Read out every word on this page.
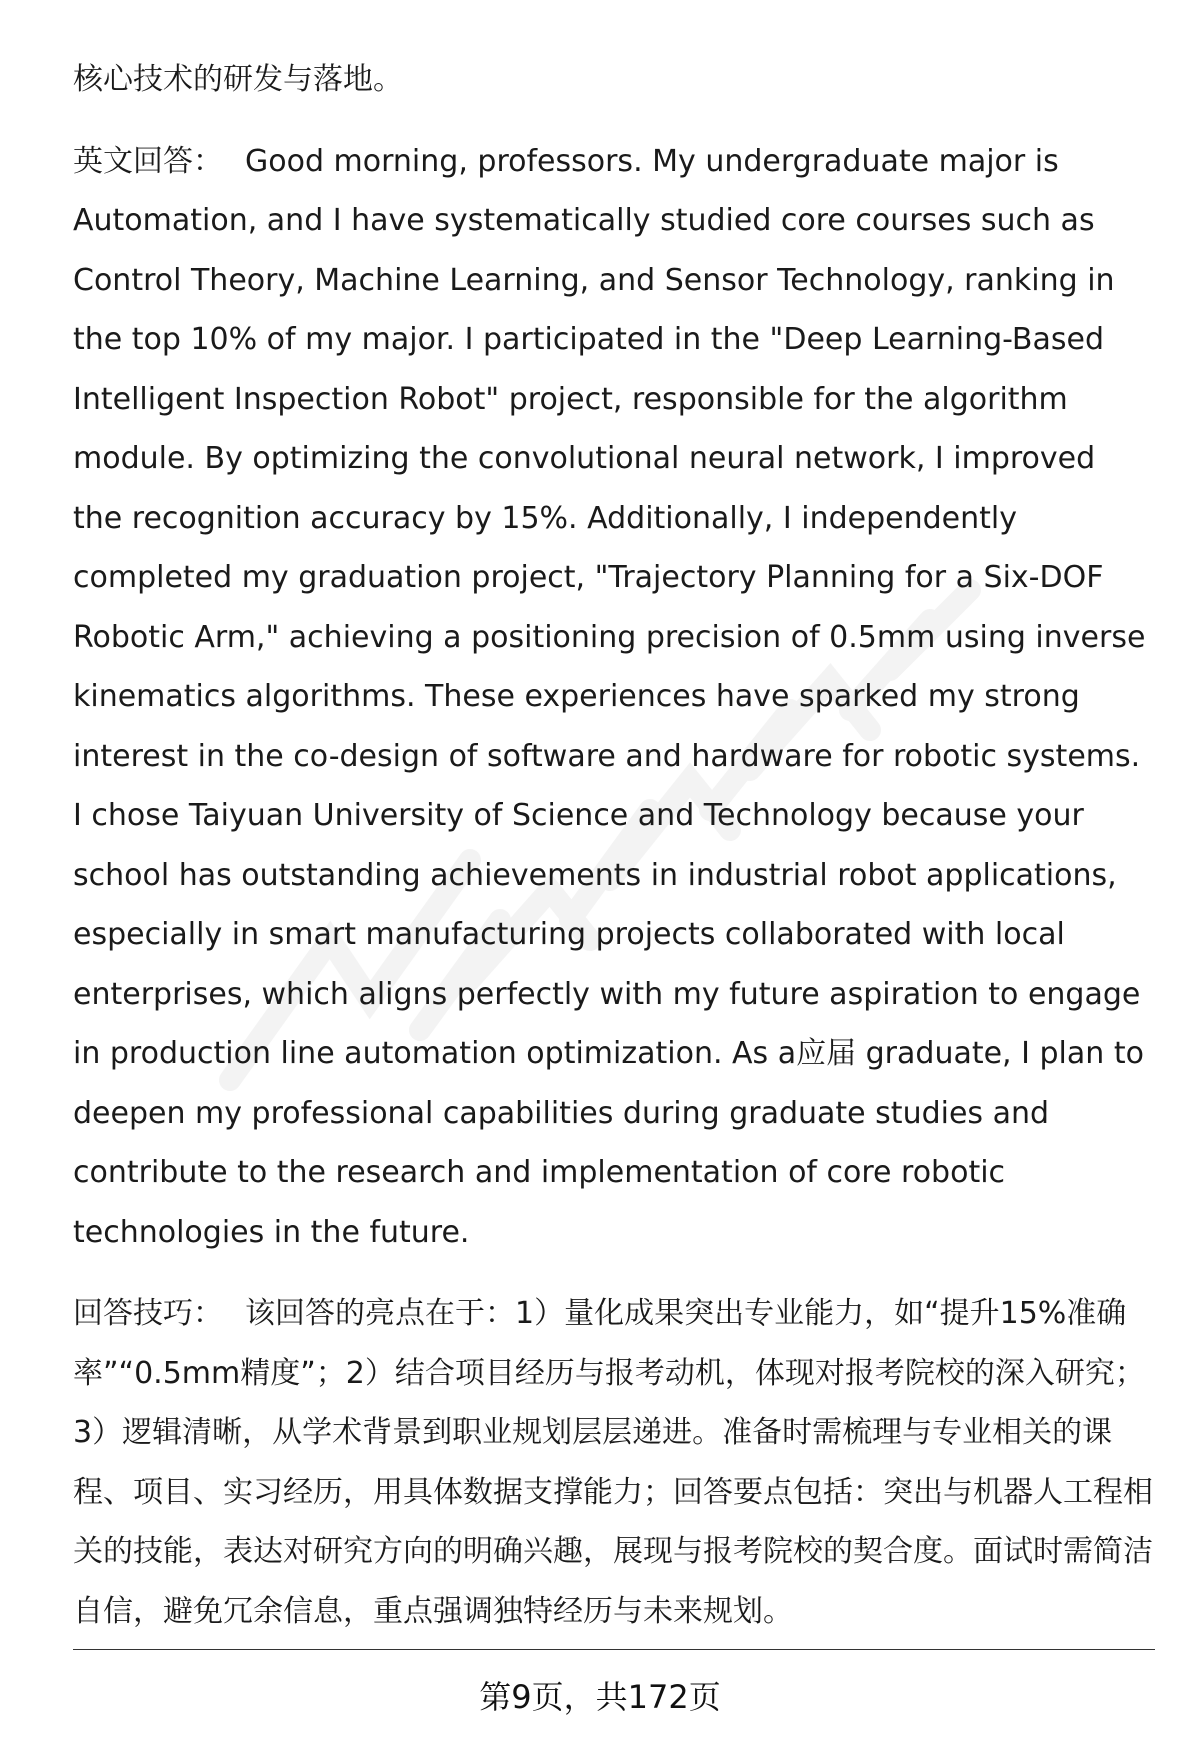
核心技术的研发与落地。

英文回答： Good morning, professors. My undergraduate major is Automation, and I have systematically studied core courses such as Control Theory, Machine Learning, and Sensor Technology, ranking in the top 10% of my major. I participated in the "Deep Learning-Based Intelligent Inspection Robot" project, responsible for the algorithm module. By optimizing the convolutional neural network, I improved the recognition accuracy by 15%. Additionally, I independently completed my graduation project, "Trajectory Planning for a Six-DOF Robotic Arm," achieving a positioning precision of 0.5mm using inverse kinematics algorithms. These experiences have sparked my strong interest in the co-design of software and hardware for robotic systems. I chose Taiyuan University of Science and Technology because your school has outstanding achievements in industrial robot applications, especially in smart manufacturing projects collaborated with local enterprises, which aligns perfectly with my future aspiration to engage in production line automation optimization. As a应届 graduate, I plan to deepen my professional capabilities during graduate studies and contribute to the research and implementation of core robotic technologies in the future.

回答技巧： 该回答的亮点在于：1）量化成果突出专业能力，如“提升15%准确率”“0.5mm精度”；2）结合项目经历与报考动机，体现对报考院校的深入研究；3）逻辑清晰，从学术背景到职业规划层层递进。准备时需梳理与专业相关的课程、项目、实习经历，用具体数据支撑能力；回答要点包括：突出与机器人工程相关的技能，表达对研究方向的明确兴趣，展现与报考院校的契合度。面试时需简洁自信，避免冗余信息，重点强调独特经历与未来规划。

第9页，共172页
